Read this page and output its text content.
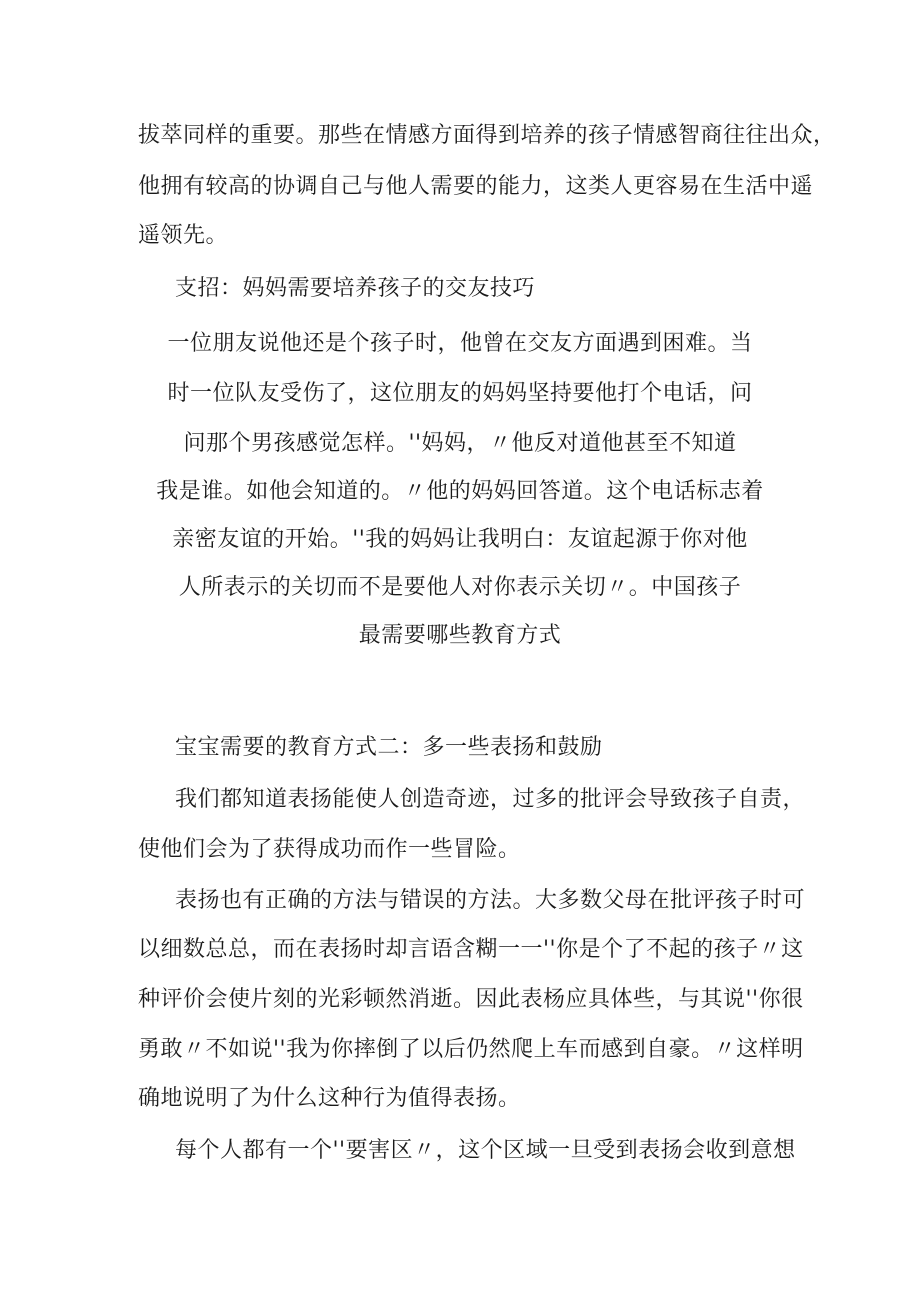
拔萃同样的重要。那些在情感方面得到培养的孩子情感智商往往出众，
他拥有较高的协调自己与他人需要的能力，这类人更容易在生活中遥
遥领先。
支招：妈妈需要培养孩子的交友技巧
一位朋友说他还是个孩子时，他曾在交友方面遇到困难。当
时一位队友受伤了，这位朋友的妈妈坚持要他打个电话，问
问那个男孩感觉怎样。''妈妈，〃他反对道他甚至不知道
我是谁。如他会知道的。〃他的妈妈回答道。这个电话标志着
亲密友谊的开始。''我的妈妈让我明白：友谊起源于你对他
人所表示的关切而不是要他人对你表示关切〃。中国孩子
最需要哪些教育方式
宝宝需要的教育方式二：多一些表扬和鼓励
我们都知道表扬能使人创造奇迹，过多的批评会导致孩子自责，
使他们会为了获得成功而作一些冒险。
表扬也有正确的方法与错误的方法。大多数父母在批评孩子时可
以细数总总，而在表扬时却言语含糊一一''你是个了不起的孩子〃这
种评价会使片刻的光彩顿然消逝。因此表杨应具体些，与其说''你很
勇敢〃不如说''我为你摔倒了以后仍然爬上车而感到自豪。〃这样明
确地说明了为什么这种行为值得表扬。
每个人都有一个''要害区〃，这个区域一旦受到表扬会收到意想
